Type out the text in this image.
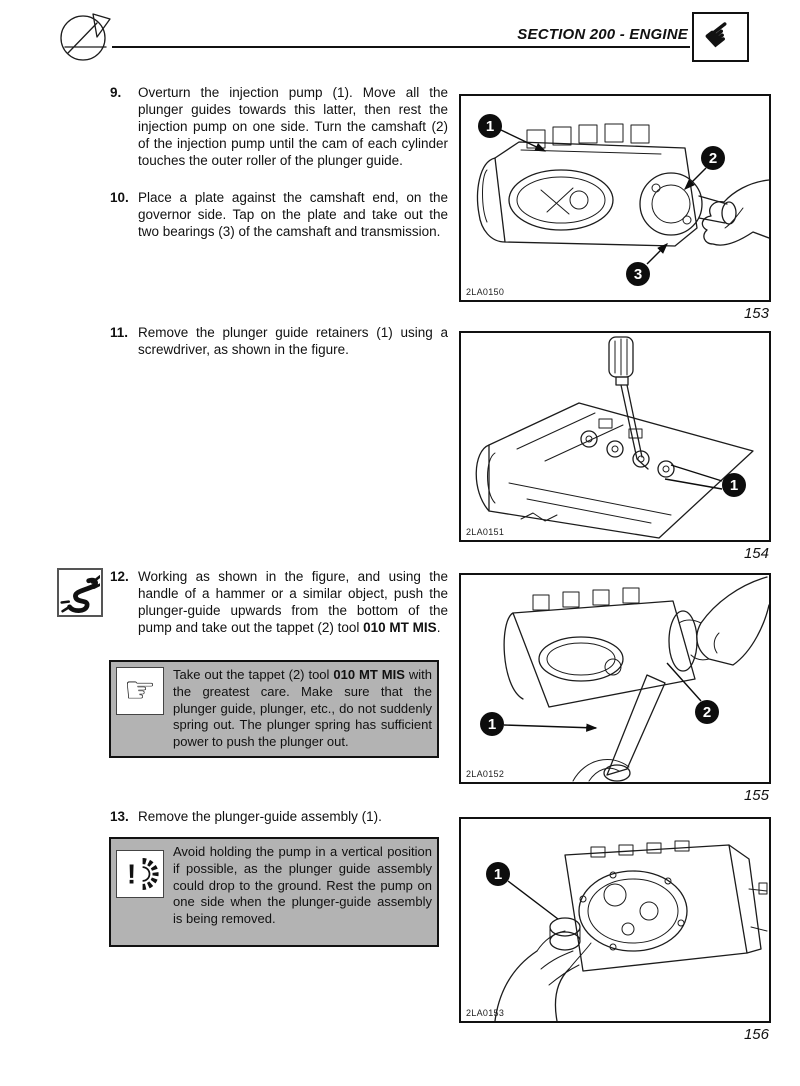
SECTION 200 - ENGINE ☛
9.	Overturn the injection pump (1). Move all the plunger guides towards this latter, then rest the injection pump on one side. Turn the camshaft (2) of the injection pump until the cam of each cylinder touches the outer roller of the plunger guide.
10. Place a plate against the camshaft end, on the governor side. Tap on the plate and take out the two bearings (3) of the camshaft and transmission.
11. Remove the plunger guide retainers (1) using a screwdriver, as shown in the figure.
12. Working as shown in the figure, and using the handle of a hammer or a similar object, push the plunger-guide upwards from the bottom of the pump and take out the tappet (2) tool 010 MT MIS.
☞ Take out the tappet (2) tool 010 MT MIS with the greatest care. Make sure that the plunger guide, plunger, etc., do not suddenly spring out. The plunger spring has sufficient power to push the plunger out.
13. Remove the plunger-guide assembly (1).
!
Avoid holding the pump in a vertical position if possible, as the plunger guide assembly could drop to the ground. Rest the pump on one side when the plunger-guide assembly is being removed.
1
2
3
2LA0150
153
1
2LA0151
154
1
2
2LA0152
155
1
2LA0153
156
